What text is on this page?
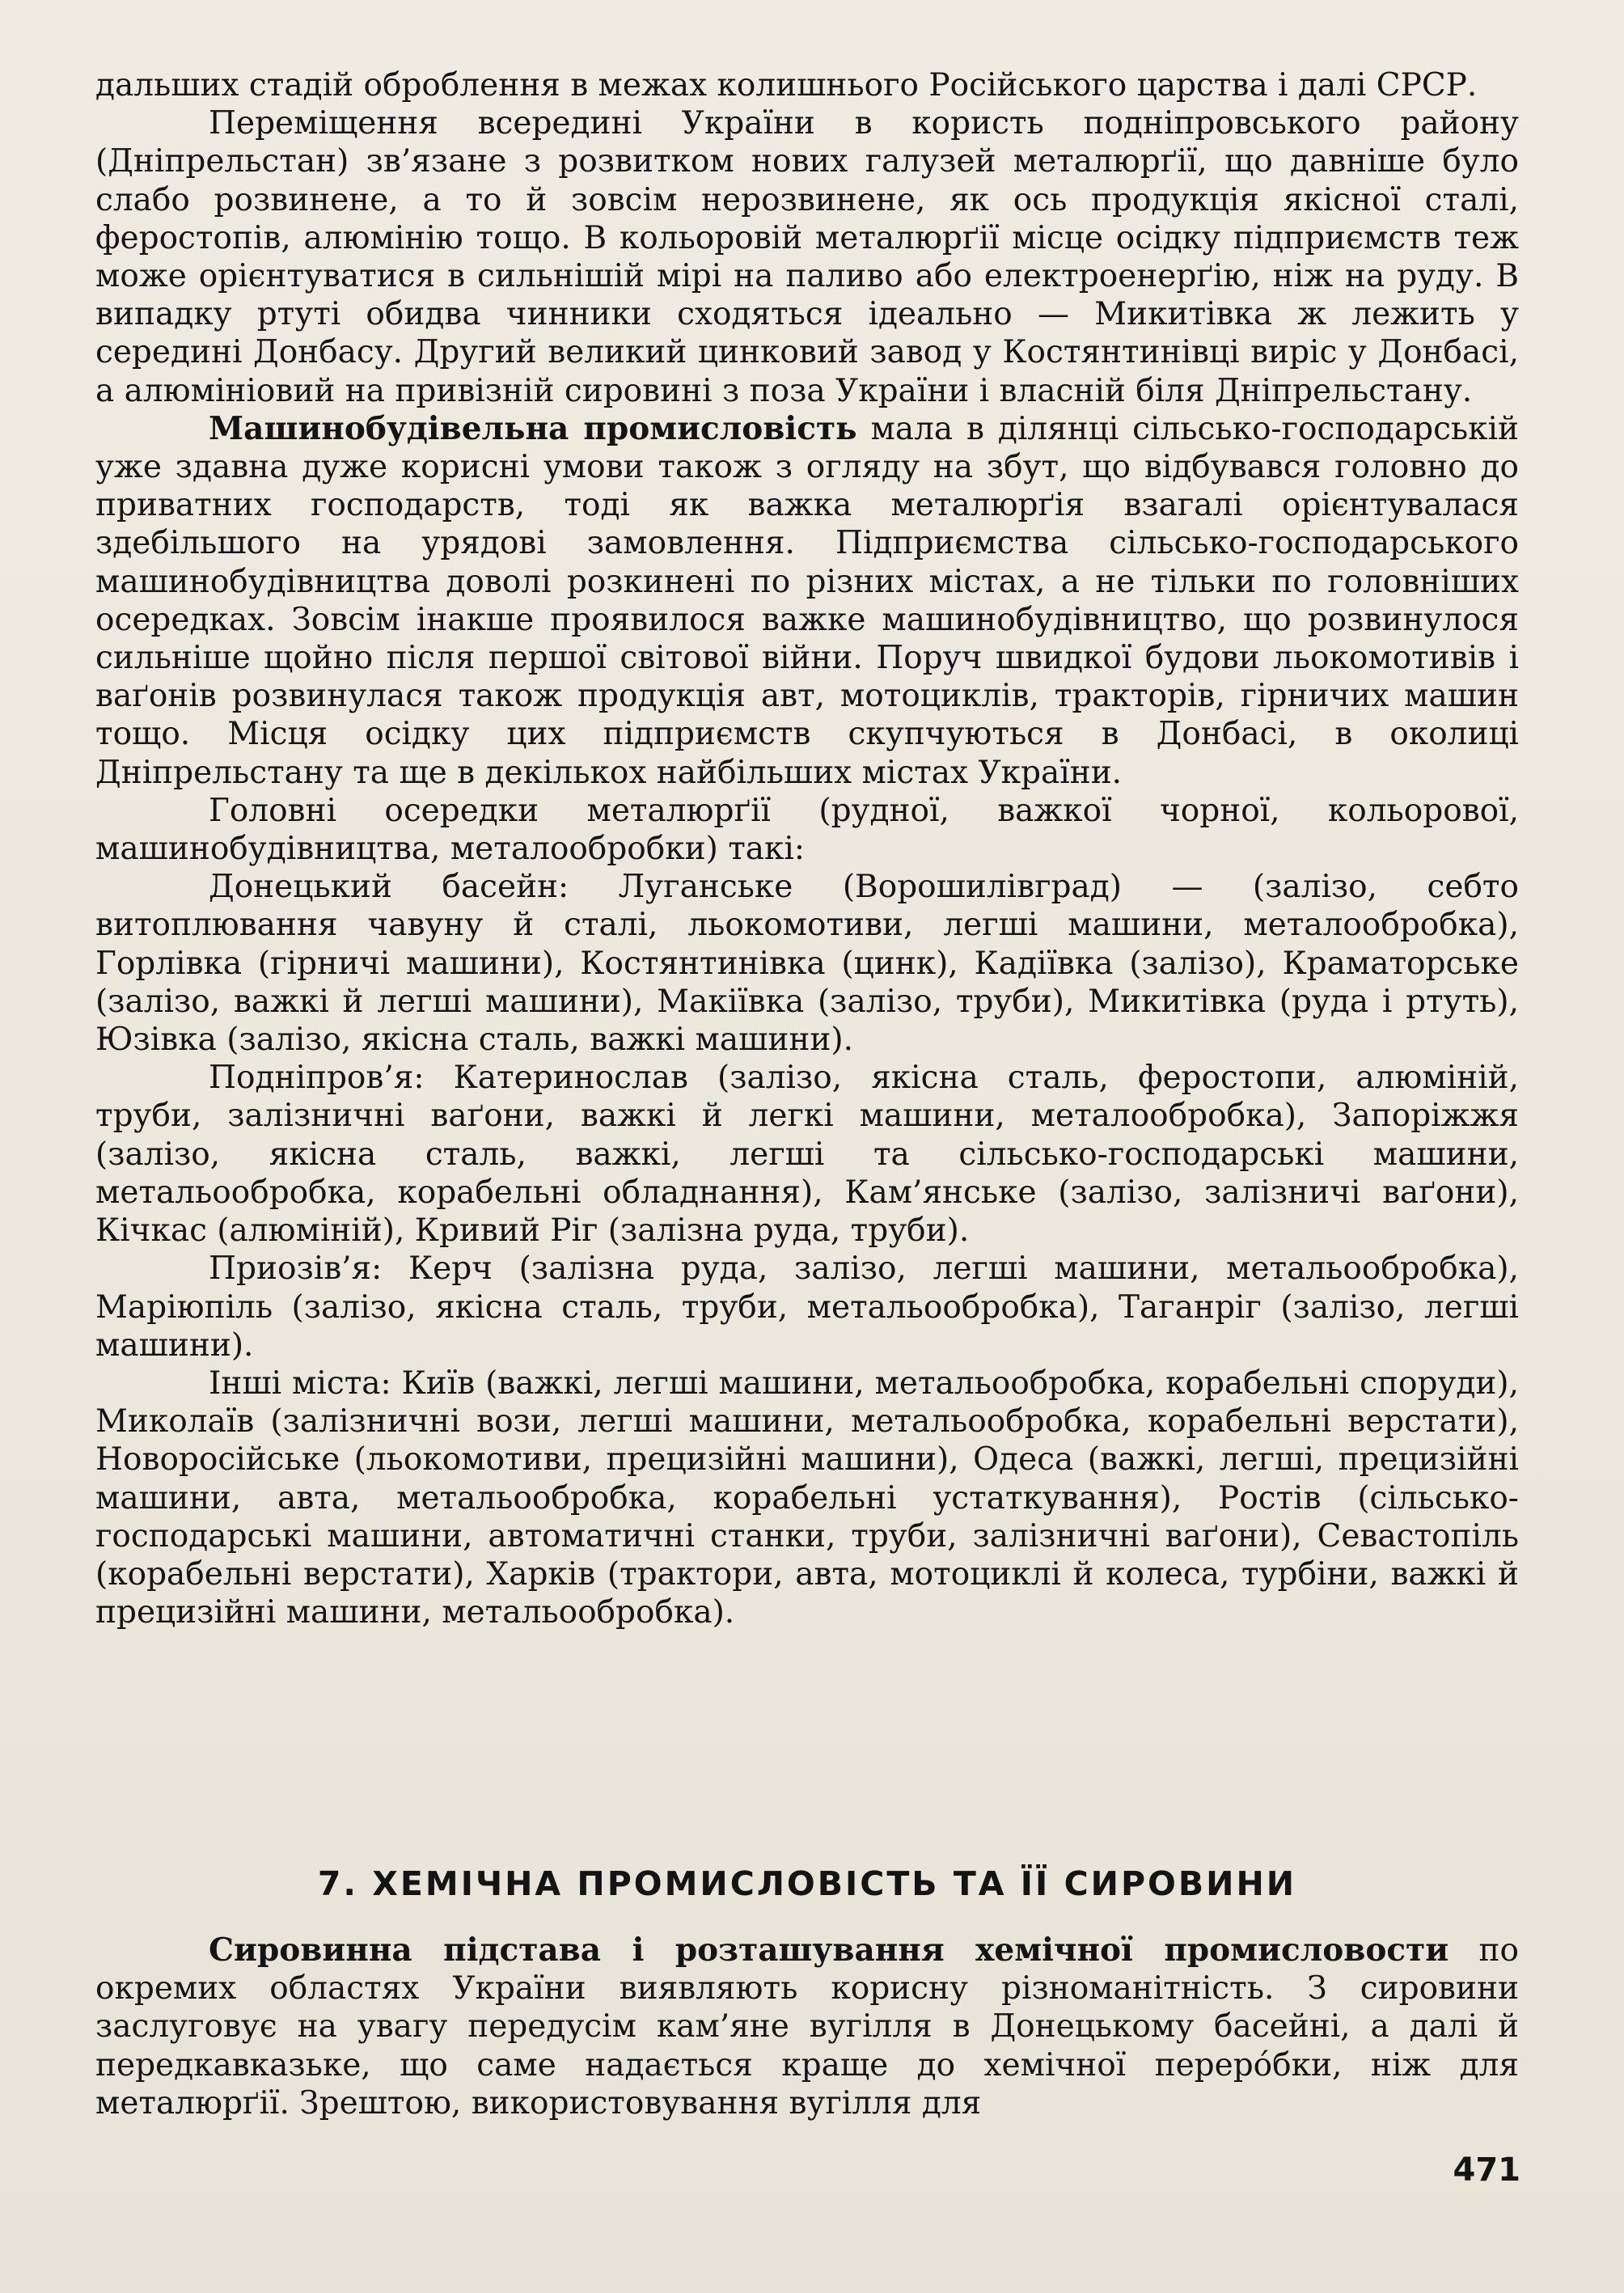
дальших стадій оброблення в межах колишнього Російського царства і далі СРСР.

Переміщення всередині України в користь подніпровського району (Дніпрельстан) зв’язане з розвитком нових галузей металюрґії, що давніше було слабо розвинене, а то й зовсім нерозвинене, як ось продукція якісної сталі, феростопів, алюмінію тощо. В кольоровій металюрґії місце осідку підприємств теж може орієнтуватися в сильнішій мірі на паливо або електроенерґію, ніж на руду. В випадку ртуті обидва чинники сходяться ідеально — Микитівка ж лежить у середині Донбасу. Другий великий цинковий завод у Костянтинівці виріс у Донбасі, а алюмініовий на привізній сировині з поза України і власній біля Дніпрельстану.

Машинобудівельна промисловість мала в ділянці сільсько-господарській уже здавна дуже корисні умови також з огляду на збут, що відбувався головно до приватних господарств, тоді як важка металюрґія взагалі орієнтувалася здебільшого на урядові замовлення. Підприємства сільсько-господарського машинобудівництва доволі розкинені по різних містах, а не тільки по головніших осередках. Зовсім інакше проявилося важке машинобудівництво, що розвинулося сильніше щойно після першої світової війни. Поруч швидкої будови льокомотивів і ваґонів розвинулася також продукція авт, мотоциклів, тракторів, гірничих машин тощо. Місця осідку цих підприємств скупчуються в Донбасі, в околиці Дніпрельстану та ще в декількох найбільших містах України.

Головні осередки металюрґії (рудної, важкої чорної, кольорової, машинобудівництва, металообробки) такі:

Донецький басейн: Луганське (Ворошилівград) — (залізо, себто витоплювання чавуну й сталі, льокомотиви, легші машини, металообробка), Горлівка (гірничі машини), Костянтинівка (цинк), Кадіївка (залізо), Краматорське (залізо, важкі й легші машини), Макіївка (залізо, труби), Микитівка (руда і ртуть), Юзівка (залізо, якісна сталь, важкі машини).

Подніпров’я: Катеринослав (залізо, якісна сталь, феростопи, алюміній, труби, залізничні ваґони, важкі й легкі машини, металообробка), Запоріжжя (залізо, якісна сталь, важкі, легші та сільсько-господарські машини, метальообробка, корабельні обладнання), Кам’янське (залізо, залізничі ваґони), Кічкас (алюміній), Кривий Ріг (залізна руда, труби).

Приозів’я: Керч (залізна руда, залізо, легші машини, метальообробка), Маріюпіль (залізо, якісна сталь, труби, метальообробка), Таганріг (залізо, легші машини).

Інші міста: Київ (важкі, легші машини, метальообробка, корабельні споруди), Миколаїв (залізничні вози, легші машини, метальообробка, корабельні верстати), Новоросійське (льокомотиви, прецизійні машини), Одеса (важкі, легші, прецизійні машини, авта, метальообробка, корабельні устаткування), Ростів (сільсько-господарські машини, автоматичні станки, труби, залізничні ваґони), Севастопіль (корабельні верстати), Харків (трактори, авта, мотоциклі й колеса, турбіни, важкі й прецизійні машини, метальообробка).

7. ХЕМІЧНА ПРОМИСЛОВІСТЬ ТА ЇЇ СИРОВИНИ

Сировинна підстава і розташування хемічної промисловости по окремих областях України виявляють корисну різноманітність. З сировини заслуговує на увагу передусім кам’яне вугілля в Донецькому басейні, а далі й передкавказьке, що саме надається краще до хемічної перерóбки, ніж для металюрґії. Зрештою, використовування вугілля для

471
